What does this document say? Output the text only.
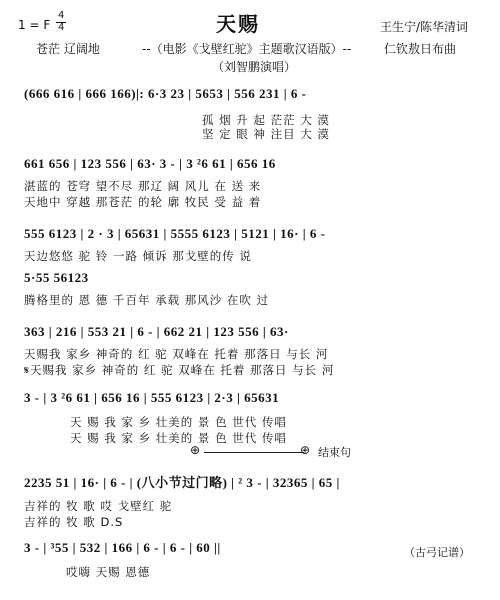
1 = F
4
4	天赐	王生宁/陈华清词
苍茫 辽阔地	--（电影《戈壁红驼》主题歌汉语版）--	仁钦敖日布曲
（刘智鹏演唱）
(666 616 | 666 166)|: 6·3 23 | 5653 | 556 231 | 6 -
孤 烟 升 起 茫茫 大 漠
坚 定 眼 神 注目 大 漠
661 656 | 123 556 | 63· 3 - | 3 ²6 61 | 656 16
湛蓝的 苍穹 望不尽 那辽 阔 风儿 在 送 来
天地中 穿越 那苍茫 的轮 廓 牧民 受 益 着
555 6123 | 2 · 3 | 65631 | 5555 6123 | 5121 | 16· | 6 -
天边悠悠 驼 铃 一路 倾诉 那戈壁的传 说
5·55 56123
腾格里的 恩 德 千百年 承载 那风沙 在吹 过
363 | 216 | 553 21 | 6 - | 662 21 | 123 556 | 63·
天赐我 家乡 神奇的 红 驼 双峰在 托着 那落日 与长 河
𝄋天赐我 家乡 神奇的 红 驼 双峰在 托着 那落日 与长 河
3 - | 3 ²6 61 | 656 16 | 555 6123 | 2·3 | 65631
天 赐 我 家 乡 壮美的 景 色 世代 传唱
天 赐 我 家 乡 壮美的 景 色 世代 传唱
⊕	⊕ 结束句
2235 51 | 16· | 6 - | (八小节过门略) | ² 3 - | 32365 | 65 |
吉祥的 牧 歌 哎 戈壁红 驼
吉祥的 牧 歌 D.S
3 - | ³55 | 532 | 166 | 6 - | 6 - | 60 ||
哎嗨 天赐 恩德
（古弓记谱）
